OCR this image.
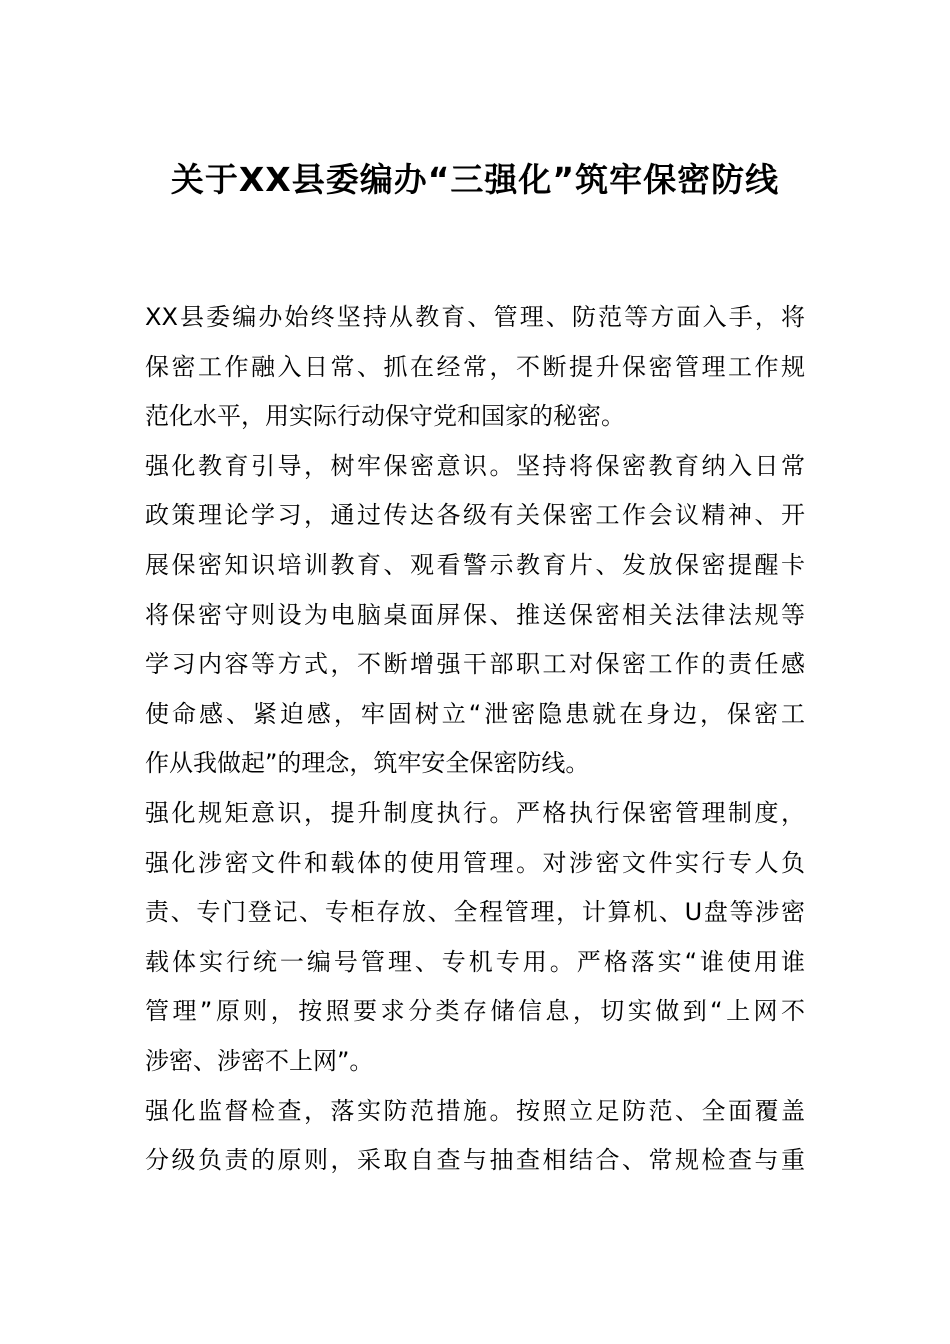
关于XX县委编办“三强化”筑牢保密防线
XX县委编办始终坚持从教育、管理、防范等方面入手，将
保密工作融入日常、抓在经常，不断提升保密管理工作规
范化水平，用实际行动保守党和国家的秘密。
强化教育引导，树牢保密意识。坚持将保密教育纳入日常
政策理论学习，通过传达各级有关保密工作会议精神、开
展保密知识培训教育、观看警示教育片、发放保密提醒卡
将保密守则设为电脑桌面屏保、推送保密相关法律法规等
学习内容等方式，不断增强干部职工对保密工作的责任感
使命感、紧迫感，牢固树立“泄密隐患就在身边，保密工
作从我做起”的理念，筑牢安全保密防线。
强化规矩意识，提升制度执行。严格执行保密管理制度，
强化涉密文件和载体的使用管理。对涉密文件实行专人负
责、专门登记、专柜存放、全程管理，计算机、U盘等涉密
载体实行统一编号管理、专机专用。严格落实“谁使用谁
管理”原则，按照要求分类存储信息，切实做到“上网不
涉密、涉密不上网”。
强化监督检查，落实防范措施。按照立足防范、全面覆盖
分级负责的原则，采取自查与抽查相结合、常规检查与重
